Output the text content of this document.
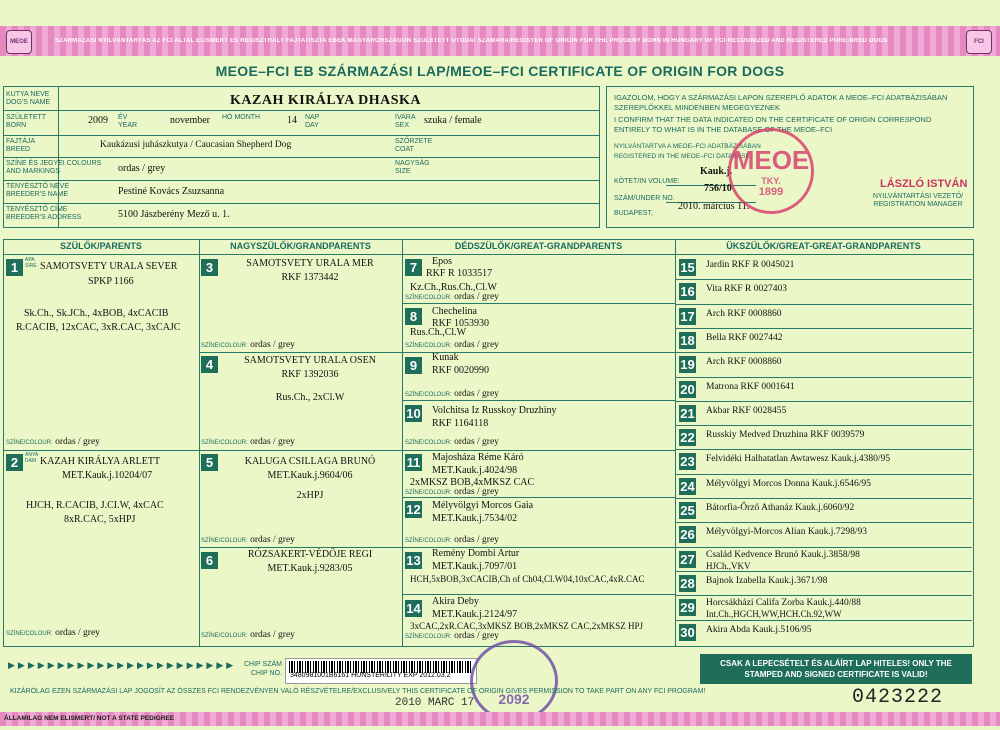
MEOE	FCI
SZÁRMAZÁSI NYILVÁNTARTÁS AZ FCI ÁLTAL ELISMERT ÉS REGISZTRÁLT FAJTATISZTA EBEK MAGYARORSZÁGON SZÜLETETT UTÓDAI SZÁMÁRA/REGISTER OF ORIGIN FOR THE PROGENY BORN IN HUNGARY OF FCI-RECOGNIZED AND REGISTERED PURE-BRED DOGS
MEOE–FCI EB SZÁRMAZÁSI LAP/MEOE–FCI CERTIFICATE OF ORIGIN FOR DOGS
KUTYA NEVE DOG'S NAME	KAZAH KIRÁLYA DHASKA
SZÜLETETT BORN	2009 ÉV YEAR	november HÓ MONTH	14 NAP DAY
IVARA SEX	szuka / female
FAJTÁJA BREED	Kaukázusi juhászkutya / Caucasian Shepherd Dog	SZŐRZETE COAT
SZÍNE ÉS JEGYEI COLOURS AND MARKINGS	ordas / grey	NAGYSÁG SIZE
TENYÉSZTŐ NEVE BREEDER'S NAME	Pestiné Kovács Zsuzsanna
TENYÉSZTŐ CÍME BREEDER'S ADDRESS	5100 Jászberény Mező u. 1.
IGAZOLOM, HOGY A SZÁRMAZÁSI LAPON SZEREPLŐ ADATOK A MEOE–FCI ADATBÁZISÁBAN SZEREPLŐKKEL MINDENBEN MEGEGYEZNEK
I CONFIRM THAT THE DATA INDICATED ON THE CERTIFICATE OF ORIGIN CORRESPOND ENTIRELY TO WHAT IS IN THE DATABASE OF THE MEOE–FCI
NYILVÁNTARTVA A MEOE–FCI ADATBÁZISÁBAN REGISTERED IN THE MEOE–FCI DATABASE
Kauk.j.
KÖTET/IN VOLUME:
SZÁM/UNDER NO.
756/10
BUDAPEST,
2010. március 11.
MEOE
TKY.
1899
LÁSZLÓ ISTVÁN
NYILVÁNTARTÁSI VEZETŐ/ REGISTRATION MANAGER
SZÜLŐK/PARENTS	NAGYSZÜLŐK/GRANDPARENTS	DÉDSZÜLŐK/GREAT-GRANDPARENTS	ÜKSZÜLŐK/GREAT-GREAT-GRANDPARENTS
1	APA SIRE SAMOTSVETY URALA SEVER
SPKP 1166
Sk.Ch., Sk.JCh., 4xBOB, 4xCACIB
R.CACIB, 12xCAC, 3xR.CAC, 3xCAJC
SZÍNE/COLOUR: ordas / grey
2	ANYA DAM KAZAH KIRÁLYA ARLETT
MET.Kauk.j.10204/07
HJCH, R.CACIB, J.CI.W, 4xCAC
8xR.CAC, 5xHPJ
SZÍNE/COLOUR: ordas / grey
3	SAMOTSVETY URALA MER
RKF 1373442
SZÍNE/COLOUR: ordas / grey
4	SAMOTSVETY URALA OSEN
RKF 1392036
Rus.Ch., 2xCl.W
SZÍNE/COLOUR: ordas / grey
5	KALUGA CSILLAGA BRUNÓ
MET.Kauk.j.9604/06
2xHPJ
SZÍNE/COLOUR: ordas / grey
6	RÓZSAKERT-VÉDŐJE REGI
MET.Kauk.j.9283/05
SZÍNE/COLOUR: ordas / grey
7	Epos
RKF R 1033517
Kz.Ch.,Rus.Ch.,Cl.W
SZÍNE/COLOUR: ordas / grey
8	Chechelina
RKF 1053930
Rus.Ch.,Cl.W
SZÍNE/COLOUR: ordas / grey
9
Kunak
RKF 0020990
SZÍNE/COLOUR: ordas / grey
10 Volchitsa Iz Russkoy Druzhiny
RKF 1164118
SZÍNE/COLOUR: ordas / grey
11 Majosháza Réme Káró
MET.Kauk.j.4024/98
2xMKSZ BOB,4xMKSZ CAC
SZÍNE/COLOUR: ordas / grey
12 Mélyvölgyi Morcos Gaia
MET.Kauk.j.7534/02
SZÍNE/COLOUR: ordas / grey
13 Remény Dombi Artur
MET.Kauk.j.7097/01
HCH,5xBOB,3xCACIB,Ch of Ch04,Cl.W04,10xCAC,4xR.CAC
14 Akira Deby
MET.Kauk.j.2124/97
3xCAC,2xR.CAC,3xMKSZ BOB,2xMKSZ CAC,2xMKSZ HPJ
SZÍNE/COLOUR: ordas / grey
15 Jardin RKF R 0045021
16 Vita RKF R 0027403
17 Arch RKF 0008860
18 Bella RKF 0027442
19 Arch RKF 0008860
20 Matrona RKF 0001641
21 Akbar RKF 0028455
22 Russkiy Medved Druzhina RKF 0039579
23 Felvidéki Halhatatlan Awtawesz Kauk.j.4380/95
24 Mélyvölgyi Morcos Donna Kauk.j.6546/95
25 Bátorfia-Őrző Athanáz Kauk.j.6060/92
26 Mélyvölgyi-Morcos Alian Kauk.j.7298/93
27 Család Kedvence Brunó Kauk.j.3858/98
HJCh.,VKV
28 Bajnok Izabella Kauk.j.3671/98
29 Horcsákházi Califa Zorba Kauk.j.440/88
Int.Ch.,HGCH,WW,HCH.Ch.92,WW
30 Akira Abda Kauk.j.5106/95
▶▶▶▶▶▶▶▶▶▶▶▶▶▶▶▶▶▶▶▶▶▶▶	CHIP SZÁM CHIP NO. 3480981001B6161 HUNSTERILITY EXP 2012.03.2
2092
CSAK A LEPECSÉTELT ÉS ALÁÍRT LAP HITELES! ONLY THE STAMPED AND SIGNED CERTIFICATE IS VALID!
0423222
KIZÁRÓLAG EZEN SZÁRMAZÁSI LAP JOGOSÍT AZ ÖSSZES FCI RENDEZVÉNYEN VALÓ RÉSZVÉTELRE/EXCLUSIVELY THIS CERTIFICATE OF ORIGIN GIVES PERMISSION TO TAKE PART ON ANY FCI PROGRAM!
2010 MARC 17
ÁLLAMILAG NEM ELISMERT/ NOT A STATE PEDIGREE
